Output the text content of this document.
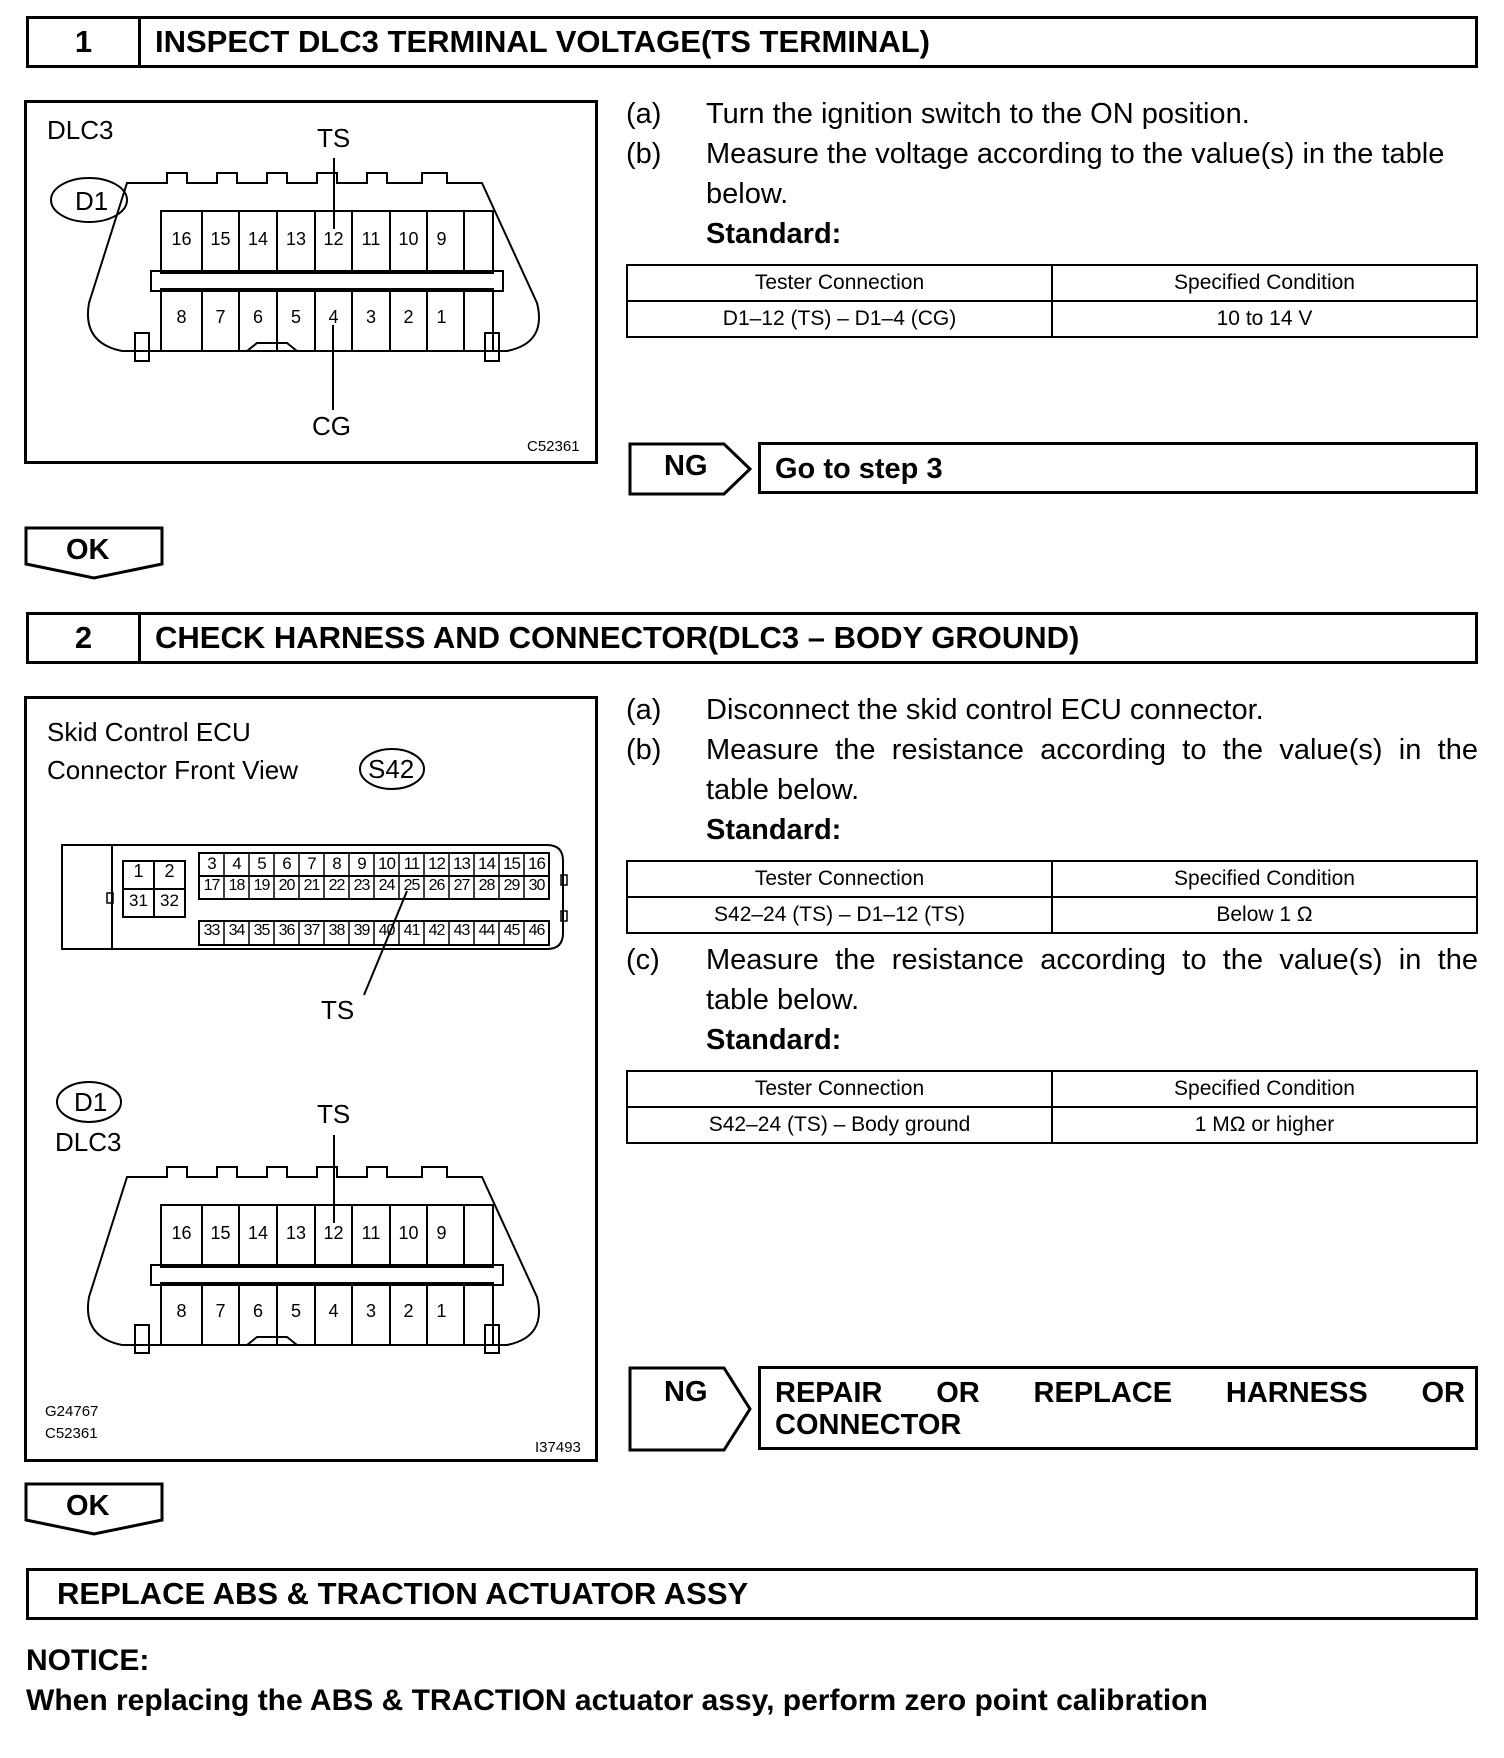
1	INSPECT DLC3 TERMINAL VOLTAGE(TS TERMINAL)
DLC3
D1
TS
CG
C52361
16	15 14 13 12	11	10 9
8	7	6	5	4	3	2	1
(a) Turn the ignition switch to the ON position.
(b) Measure the voltage according to the value(s) in the table
below.
Standard:
Tester Connection	Specified Condition
D1–12 (TS) – D1–4 (CG)	10 to 14 V
NG Go to step 3
OK
2	CHECK HARNESS AND CONNECTOR(DLC3 – BODY GROUND)
Skid Control ECU
Connector Front View	S42
1	2
31 32
3 4 5 6 7 8 9 10 11 12 13 14 15 16
17 18 19 20 21 22 23 24 25 26 27 28 29 30
33 34 35 36 37 38 39 40 41 42 43 44 45 46
TS
D1
DLC3
TS
16	15 14 13 12	11	10 9
8	7	6	5	4	3	2	1
G24767
C52361
I37493
(a) Disconnect the skid control ECU connector.
(b) Measure the resistance according to the value(s) in the
table below.
Standard:
Tester Connection	Specified Condition
S42–24 (TS) – D1–12 (TS)	Below 1 Ω
(c) Measure the resistance according to the value(s) in the
table below.
Standard:
Tester Connection	Specified Condition
S42–24 (TS) – Body ground	1 MΩ or higher
NG REPAIR OR REPLACE HARNESS OR
CONNECTOR
OK
REPLACE ABS & TRACTION ACTUATOR ASSY
NOTICE:
When replacing the ABS & TRACTION actuator assy, perform zero point calibration
